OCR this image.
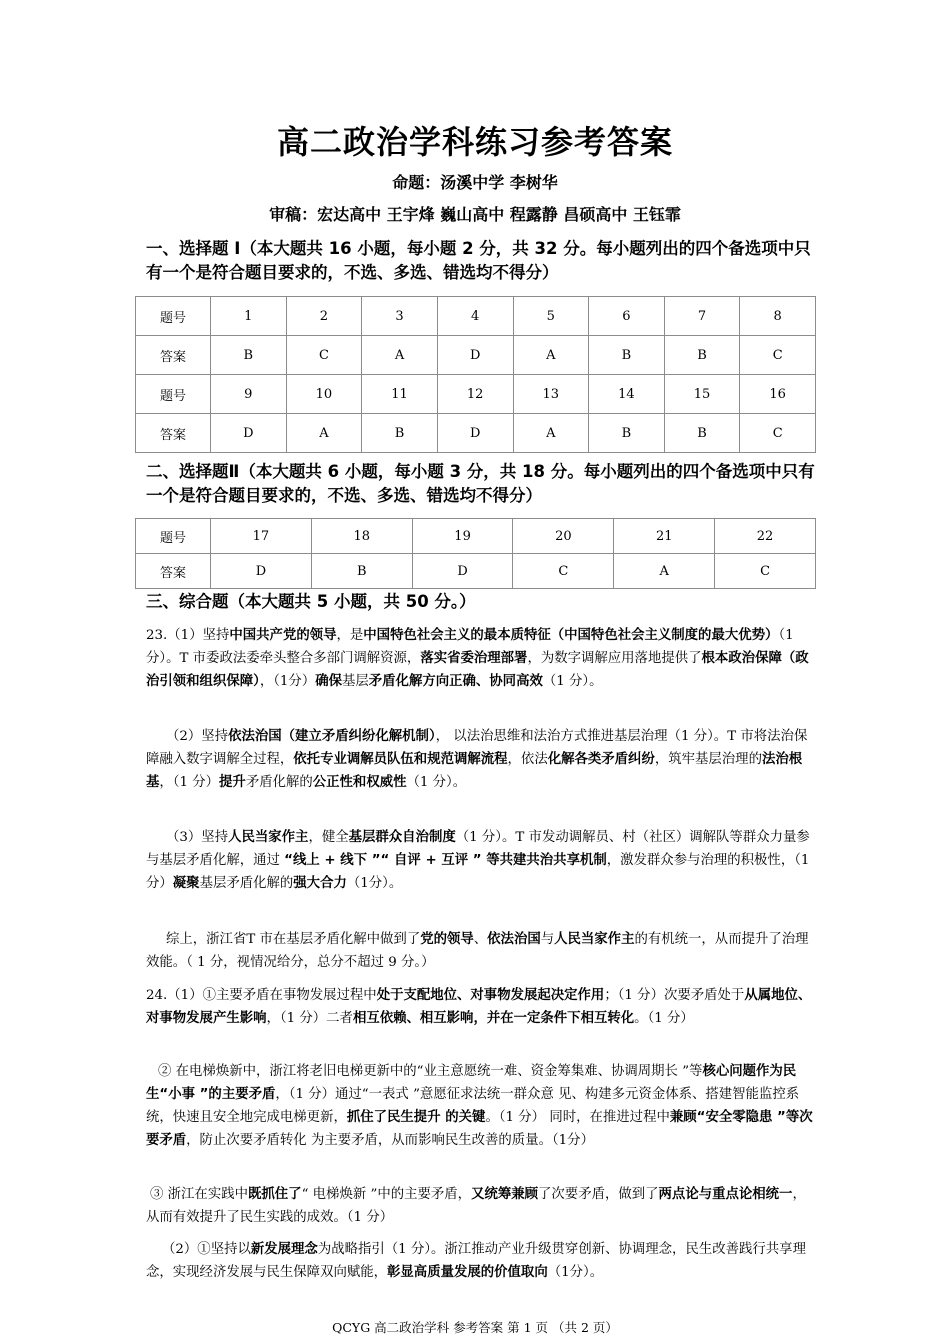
高二政治学科练习参考答案
命题：汤溪中学 李树华
审稿：宏达高中 王宇烽 巍山高中 程露静 昌硕高中 王钰霏
一、选择题 Ⅰ（本大题共 16 小题，每小题 2 分，共 32 分。每小题列出的四个备选项中只有一个是符合题目要求的，不选、多选、错选均不得分）
题号	1	2	3	4	5	6	7	8
答案	B	C	A	D	A	B	B	C
题号	9	10	11	12	13	14	15	16
答案	D	A	B	D	A	B	B	C
二、选择题Ⅱ（本大题共 6 小题，每小题 3 分，共 18 分。每小题列出的四个备选项中只有一个是符合题目要求的，不选、多选、错选均不得分）
题号	17	18	19	20	21	22
答案	D	B	D	C	A	C
三、综合题（本大题共 5 小题，共 50 分。）
23.（1）坚持中国共产党的领导，是中国特色社会主义的最本质特征（中国特色社会主义制度的最大优势）（1 分）。T 市委政法委牵头整合多部门调解资源，落实省委治理部署，为数字调解应用落地提供了根本政治保障（政治引领和组织保障），（1分）确保基层矛盾化解方向正确、协同高效（1 分）。
（2）坚持依法治国（建立矛盾纠纷化解机制）， 以法治思维和法治方式推进基层治理（1 分）。T 市将法治保障融入数字调解全过程，依托专业调解员队伍和规范调解流程，依法化解各类矛盾纠纷，筑牢基层治理的法治根基，（1 分）提升矛盾化解的公正性和权威性（1 分）。
（3）坚持人民当家作主，健全基层群众自治制度（1 分）。T 市发动调解员、村（社区）调解队等群众力量参与基层矛盾化解，通过 “线上 + 线下 ”“ 自评 + 互评 ” 等共建共治共享机制，激发群众参与治理的积极性，（1 分）凝聚基层矛盾化解的强大合力（1分）。
综上，浙江省T 市在基层矛盾化解中做到了党的领导、依法治国与人民当家作主的有机统一，从而提升了治理效能。（ 1 分，视情况给分，总分不超过 9 分。）
24.（1）①主要矛盾在事物发展过程中处于支配地位、对事物发展起决定作用；（1 分）次要矛盾处于从属地位、对事物发展产生影响，（1 分）二者相互依赖、相互影响，并在一定条件下相互转化。（1 分）
② 在电梯焕新中，浙江将老旧电梯更新中的“业主意愿统一难、资金筹集难、协调周期长 ”等核心问题作为民生“小事 ”的主要矛盾，（1 分）通过“一表式 ”意愿征求法统一群众意 见、构建多元资金体系、搭建智能监控系统，快速且安全地完成电梯更新，抓住了民生提升 的关键。（1 分） 同时，在推进过程中兼顾“安全零隐患 ”等次要矛盾，防止次要矛盾转化 为主要矛盾，从而影响民生改善的质量。（1分）
③ 浙江在实践中既抓住了“ 电梯焕新 ”中的主要矛盾，又统筹兼顾了次要矛盾，做到了两点论与重点论相统一，从而有效提升了民生实践的成效。（1 分）
（2）①坚持以新发展理念为战略指引（1 分）。浙江推动产业升级贯穿创新、协调理念，民生改善践行共享理念，实现经济发展与民生保障双向赋能，彰显高质量发展的价值取向（1分）。
QCYG 高二政治学科 参考答案 第 1 页 （共 2 页）
